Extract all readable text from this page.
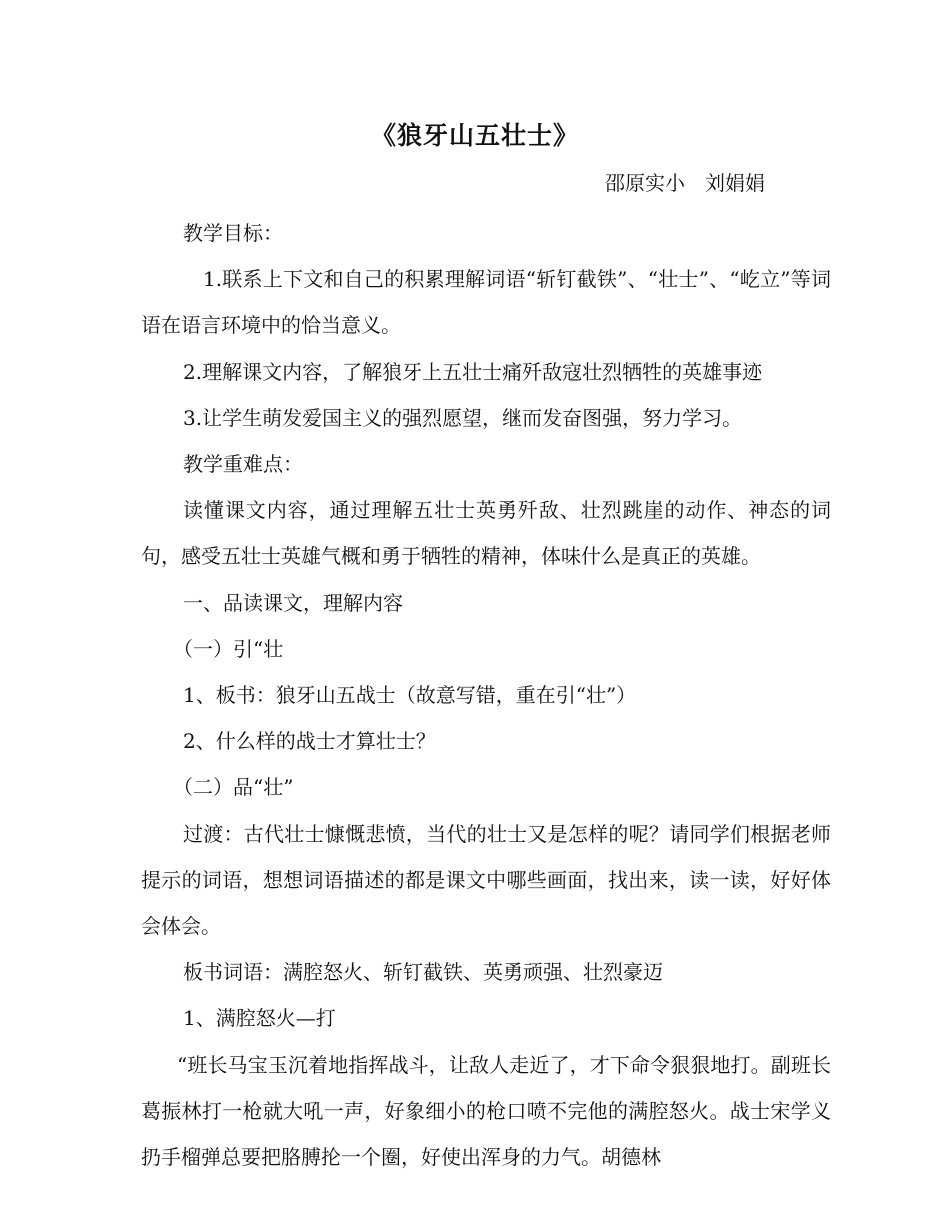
《狼牙山五壮士》
邵原实小　刘娟娟

教学目标：

1.联系上下文和自己的积累理解词语“斩钉截铁”、“壮士”、“屹立”等词语在语言环境中的恰当意义。

2.理解课文内容，了解狼牙上五壮士痛歼敌寇壮烈牺牲的英雄事迹

3.让学生萌发爱国主义的强烈愿望，继而发奋图强，努力学习。

教学重难点：

读懂课文内容，通过理解五壮士英勇歼敌、壮烈跳崖的动作、神态的词句，感受五壮士英雄气概和勇于牺牲的精神，体味什么是真正的英雄。

一、品读课文，理解内容

（一）引“壮

1、板书：狼牙山五战士（故意写错，重在引“壮”）

2、什么样的战士才算壮士？

（二）品“壮”

过渡：古代壮士慷慨悲愤，当代的壮士又是怎样的呢？请同学们根据老师提示的词语，想想词语描述的都是课文中哪些画面，找出来，读一读，好好体会体会。

板书词语：满腔怒火、斩钉截铁、英勇顽强、壮烈豪迈

1、满腔怒火—打

“班长马宝玉沉着地指挥战斗，让敌人走近了，才下命令狠狠地打。副班长葛振林打一枪就大吼一声，好象细小的枪口喷不完他的满腔怒火。战士宋学义扔手榴弹总要把胳膊抡一个圈，好使出浑身的力气。胡德林
